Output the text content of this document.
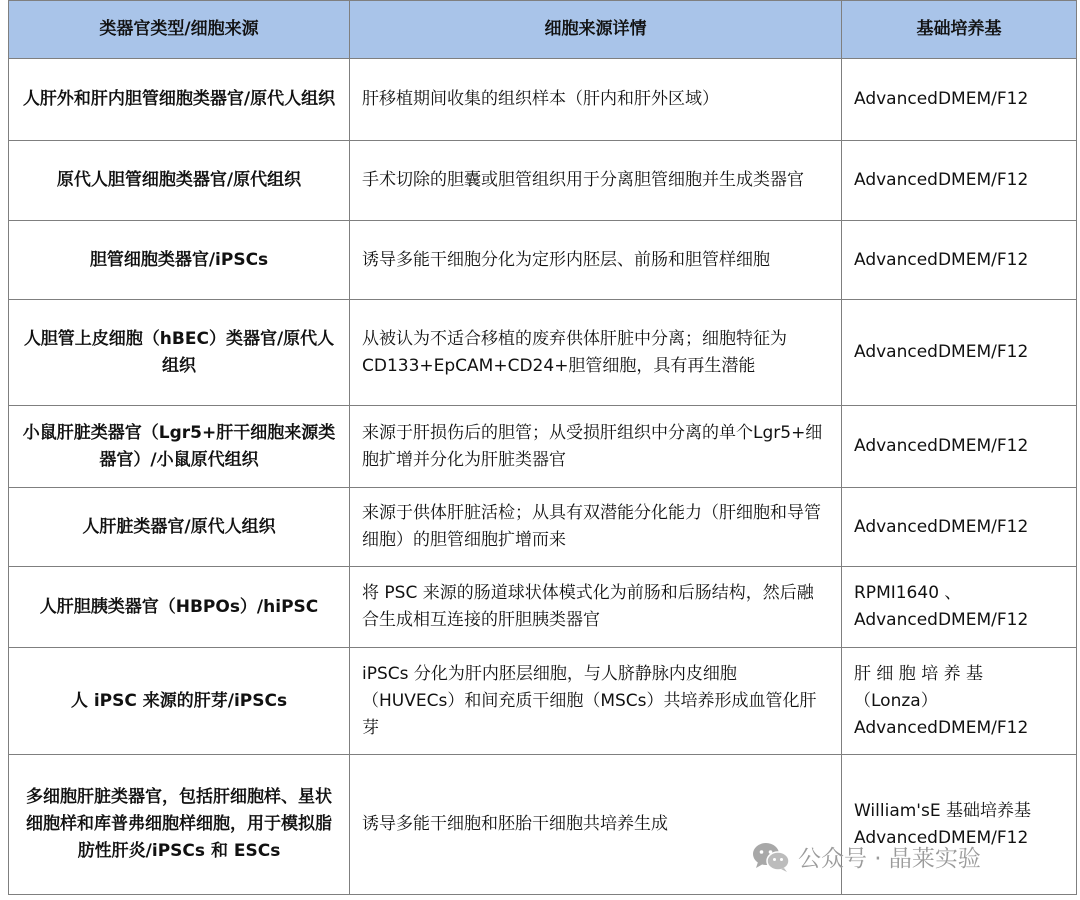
类器官类型/细胞来源	细胞来源详情	基础培养基
人肝外和肝内胆管细胞类器官/原代人组织	肝移植期间收集的组织样本（肝内和肝外区域）	AdvancedDMEM/F12
原代人胆管细胞类器官/原代组织	手术切除的胆囊或胆管组织用于分离胆管细胞并生成类器官	AdvancedDMEM/F12
胆管细胞类器官/iPSCs	诱导多能干细胞分化为定形内胚层、前肠和胆管样细胞	AdvancedDMEM/F12
人胆管上皮细胞（hBEC）类器官/原代人组织	从被认为不适合移植的废弃供体肝脏中分离；细胞特征为 CD133+EpCAM+CD24+胆管细胞，具有再生潜能	AdvancedDMEM/F12
小鼠肝脏类器官（Lgr5+肝干细胞来源类器官）/小鼠原代组织	来源于肝损伤后的胆管；从受损肝组织中分离的单个Lgr5+细胞扩增并分化为肝脏类器官	AdvancedDMEM/F12
人肝脏类器官/原代人组织	来源于供体肝脏活检；从具有双潜能分化能力（肝细胞和导管细胞）的胆管细胞扩增而来	AdvancedDMEM/F12
人肝胆胰类器官（HBPOs）/hiPSC	将 PSC 来源的肠道球状体模式化为前肠和后肠结构，然后融合生成相互连接的肝胆胰类器官	RPMI1640 、
AdvancedDMEM/F12
人 iPSC 来源的肝芽/iPSCs	iPSCs 分化为肝内胚层细胞，与人脐静脉内皮细胞（HUVECs）和间充质干细胞（MSCs）共培养形成血管化肝芽	肝 细 胞 培 养 基
（Lonza）
AdvancedDMEM/F12
多细胞肝脏类器官，包括肝细胞样、星状细胞样和库普弗细胞样细胞，用于模拟脂肪性肝炎/iPSCs 和 ESCs	诱导多能干细胞和胚胎干细胞共培养生成	William'sE 基础培养基
AdvancedDMEM/F12
公众号 · 晶莱实验
